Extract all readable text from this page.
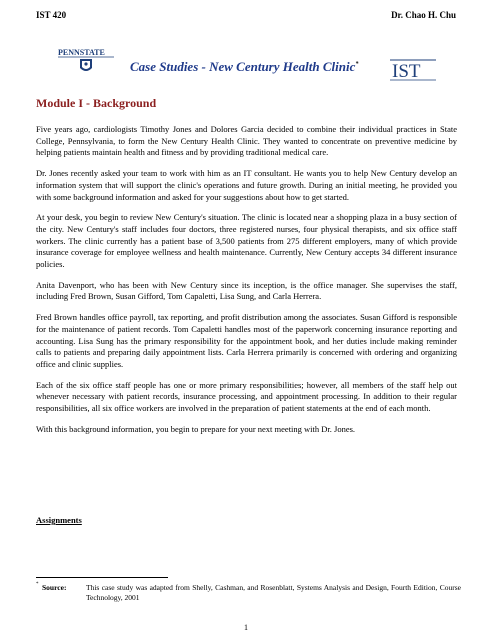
IST 420	Dr. Chao H. Chu
PENNSTATE
Case Studies - New Century Health Clinic*	IST
Module I - Background

Five years ago, cardiologists Timothy Jones and Dolores Garcia decided to combine their individual practices in State College, Pennsylvania, to form the New Century Health Clinic. They wanted to concentrate on preventive medicine by helping patients maintain health and fitness and by providing traditional medical care.

Dr. Jones recently asked your team to work with him as an IT consultant. He wants you to help New Century develop an information system that will support the clinic's operations and future growth. During an initial meeting, he provided you with some background information and asked for your suggestions about how to get started.

At your desk, you begin to review New Century's situation. The clinic is located near a shopping plaza in a busy section of the city. New Century's staff includes four doctors, three registered nurses, four physical therapists, and six office staff workers. The clinic currently has a patient base of 3,500 patients from 275 different employers, many of which provide insurance coverage for employee wellness and health maintenance. Currently, New Century accepts 34 different insurance policies.

Anita Davenport, who has been with New Century since its inception, is the office manager. She supervises the staff, including Fred Brown, Susan Gifford, Tom Capaletti, Lisa Sung, and Carla Herrera.

Fred Brown handles office payroll, tax reporting, and profit distribution among the associates. Susan Gifford is responsible for the maintenance of patient records. Tom Capaletti handles most of the paperwork concerning insurance reporting and accounting. Lisa Sung has the primary responsibility for the appointment book, and her duties include making reminder calls to patients and preparing daily appointment lists. Carla Herrera primarily is concerned with ordering and organizing office and clinic supplies.

Each of the six office staff people has one or more primary responsibilities; however, all members of the staff help out whenever necessary with patient records, insurance processing, and appointment processing. In addition to their regular responsibilities, all six office workers are involved in the preparation of patient statements at the end of each month.

With this background information, you begin to prepare for your next meeting with Dr. Jones.

Assignments
* Source:	This case study was adapted from Shelly, Cashman, and Rosenblatt, Systems Analysis and Design, Fourth Edition, Course Technology, 2001
1
